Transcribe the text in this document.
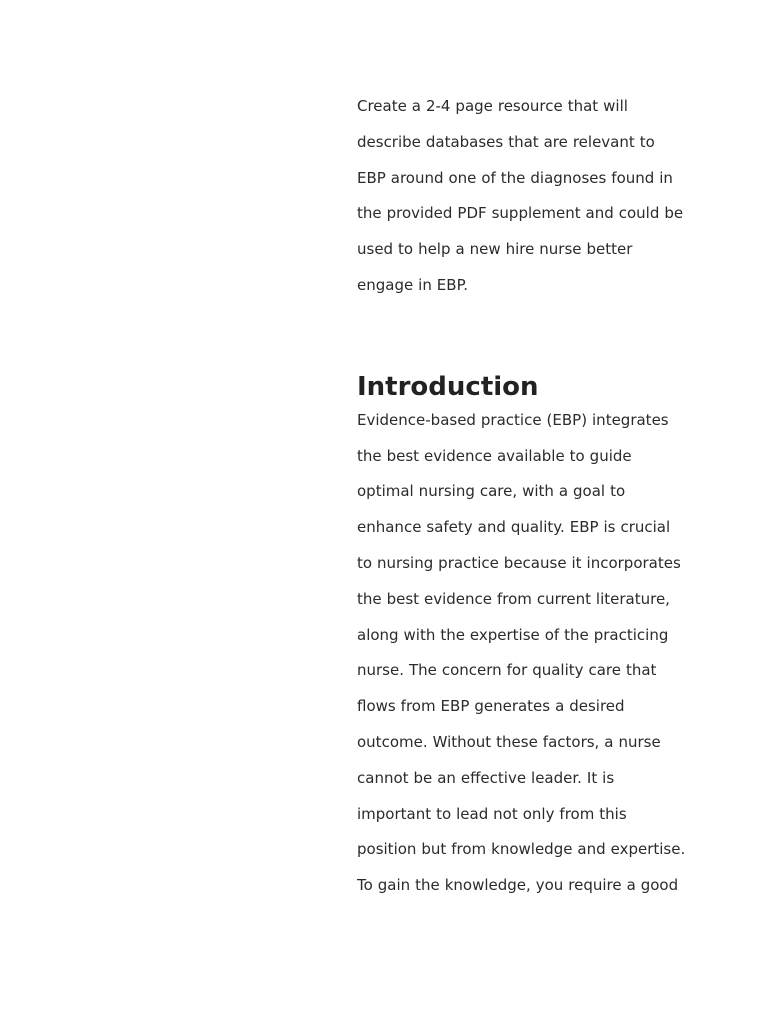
Create a 2-4 page resource that will describe databases that are relevant to EBP around one of the diagnoses found in the provided PDF supplement and could be used to help a new hire nurse better engage in EBP.

Introduction

Evidence-based practice (EBP) integrates the best evidence available to guide optimal nursing care, with a goal to enhance safety and quality. EBP is crucial to nursing practice because it incorporates the best evidence from current literature, along with the expertise of the practicing nurse. The concern for quality care that flows from EBP generates a desired outcome. Without these factors, a nurse cannot be an effective leader. It is important to lead not only from this position but from knowledge and expertise. To gain the knowledge, you require a good
